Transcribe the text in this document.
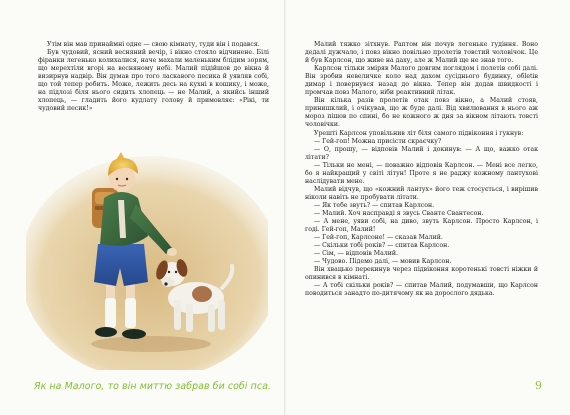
Утім він мав принаймні одне — свою кімнату, туди він і подався.

Був чудовий, ясний весняний вечір, і вікно стояло відчинене. Білі фіранки легенько колихалися, наче махали маленьким блідим зорям, що мерехтіли вгорі на весняному небі. Малий підійшов до вікна й визирнув надвір. Він думав про того ласкавого песика й уявляв собі, що той тепер робить. Може, лежить десь на кухні в кошику, і може, на підлозі біля нього сидить хлопець — не Малий, а якийсь інший хлопець, — гладить його кудлату голову й примовляє: «Рікі, ти чудовий песик!»

Як на Малого, то він миттю забрав би собі пса.

Малий тяжко зітхнув. Раптом він почув легеньке гудіння. Воно дедалі дужчало, і повз вікно повільно пролетів товстий чоловічок. Це й був Карлсон, що живе на даху, але ж Малий ще не знав того.

Карлсон тільки зміряв Малого довгим поглядом і полетів собі далі. Він зробив невеличке коло над дахом сусіднього будинку, обletів димар і повернувся назад до вікна. Тепер він додав швидкості і промчав повз Малого, ніби реактивний літак.

Він кілька разів пролетів отак повз вікно, а Малий стояв, принишклий, і очікував, що ж буде далі. Від хвилювання в нього аж мороз пішов по спині, бо не кожного ж дня за вікном літають товсті чоловічки.

Урешті Карлсон уповільнив літ біля самого підвіконня і гукнув:

— Гей-гоп! Можна присісти скраєчку?

— О, прошу, — відповів Малий і докинув: — А що, важко отак літати?

— Тільки не мені, — поважно відповів Карлсон. — Мені все легко, бо я найкращий у світі літун! Проте я не раджу кожному лантухові наслідувати мене.

Малий відчув, що «кожний лантух» його теж стосується, і вирішив ніколи навіть не пробувати літати.

— Як тебе звуть? — спитав Карлсон.

— Малий. Хоч насправді я звусь Сванте Свантесон.

— А мене, уяви собі, на диво, звуть Карлсон. Просто Карлсон, і годі. Гей-гоп, Малий!

— Гей-гоп, Карлсоне! — сказав Малий.

— Скільки тобі років? — спитав Карлсон.

— Сім, — відповів Малий.

— Чудово. Підемо далі, — мовив Карлсон.

Він хвацько перекинув через підвіконня коротенькі товсті ніжки й опинився в кімнаті.

— А тобі скільки років? — спитав Малий, подумавши, що Карлсон поводиться занадто по-дитячому як на дорослого дядька.

9
